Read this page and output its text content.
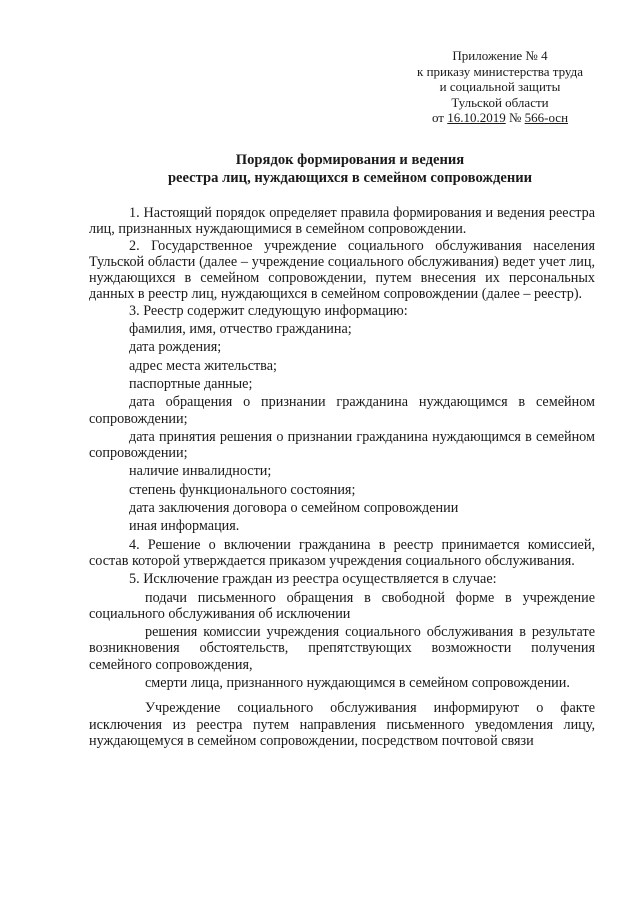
Приложение № 4
к приказу министерства труда
и социальной защиты
Тульской области
от 16.10.2019 № 566-осн
Порядок формирования и ведения
реестра лиц, нуждающихся в семейном сопровождении

1. Настоящий порядок определяет правила формирования и ведения реестра лиц, признанных нуждающимися в семейном сопровождении.

2. Государственное учреждение социального обслуживания населения Тульской области (далее – учреждение социального обслуживания) ведет учет лиц, нуждающихся в семейном сопровождении, путем внесения их персональных данных в реестр лиц, нуждающихся в семейном сопровождении (далее – реестр).

3. Реестр содержит следующую информацию:

фамилия, имя, отчество гражданина;

дата рождения;

адрес места жительства;

паспортные данные;

дата обращения о признании гражданина нуждающимся в семейном сопровождении;

дата принятия решения о признании гражданина нуждающимся в семейном сопровождении;

наличие инвалидности;

степень функционального состояния;

дата заключения договора о семейном сопровождении

иная информация.

4. Решение о включении гражданина в реестр принимается комиссией, состав которой утверждается приказом учреждения социального обслуживания.

5. Исключение граждан из реестра осуществляется в случае:

подачи письменного обращения в свободной форме в учреждение социального обслуживания об исключении

решения комиссии учреждения социального обслуживания в результате возникновения обстоятельств, препятствующих возможности получения семейного сопровождения,

смерти лица, признанного нуждающимся в семейном сопровождении.

Учреждение социального обслуживания информируют о факте исключения из реестра путем направления письменного уведомления лицу, нуждающемуся в семейном сопровождении, посредством почтовой связи
